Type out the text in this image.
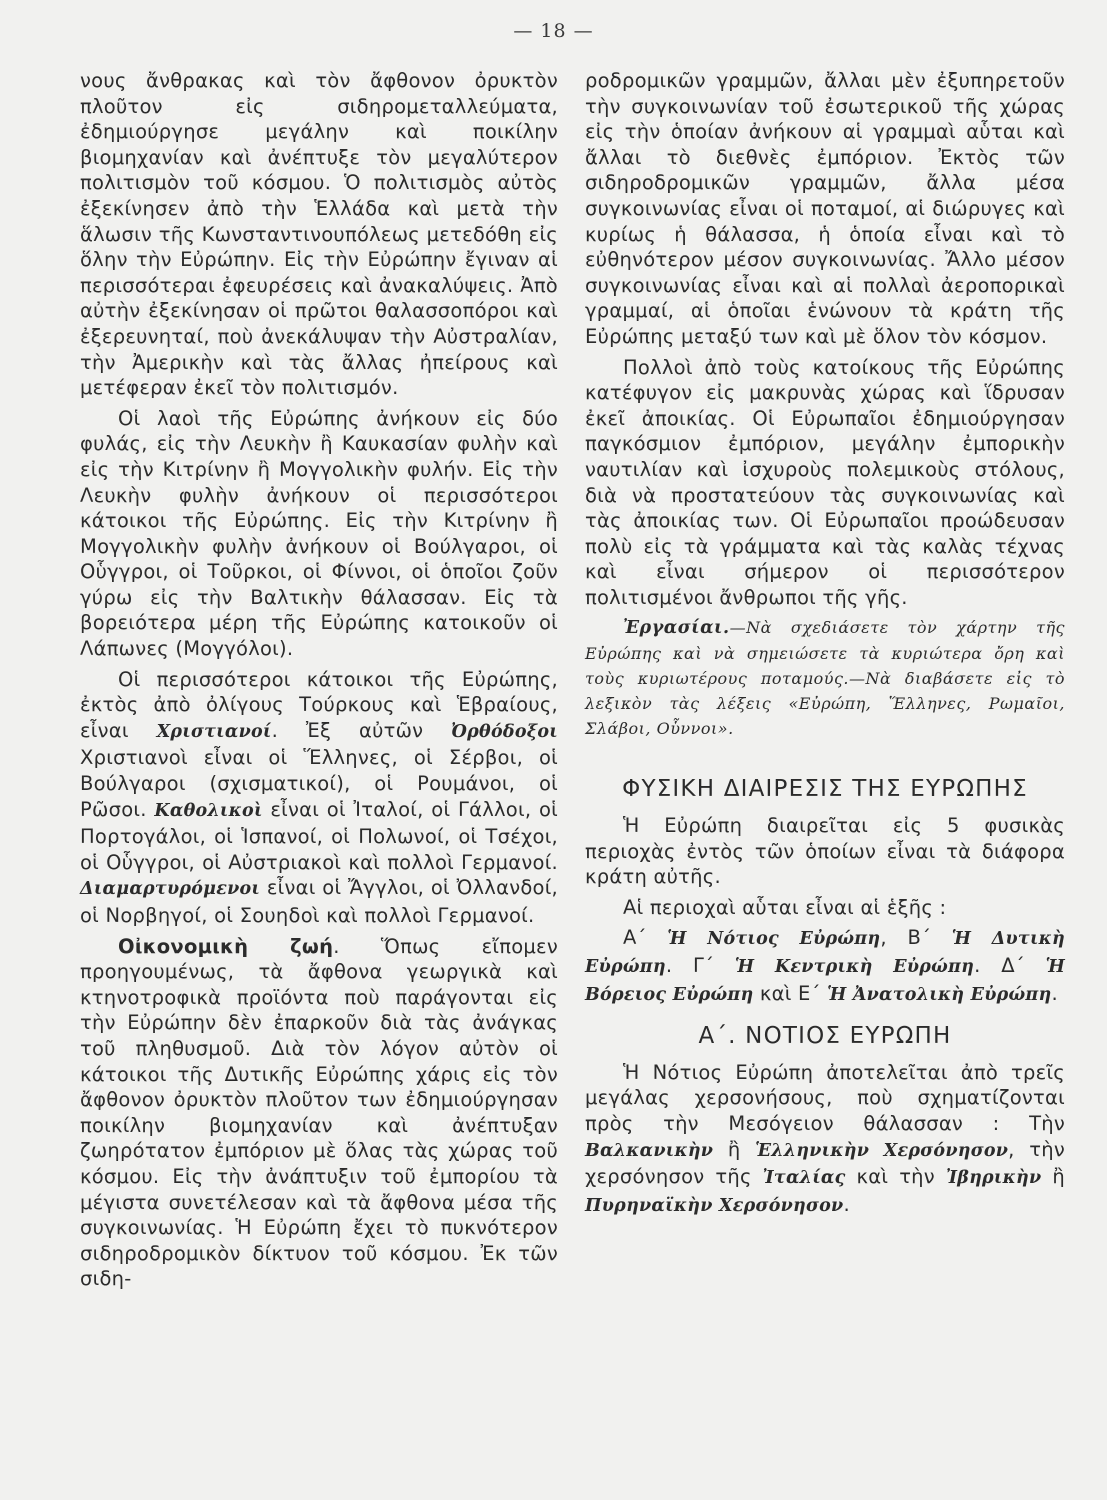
— 18 —

νους ἄνθρακας καὶ τὸν ἄφθονον ὀρυκτὸν πλοῦτον εἰς σιδηρομεταλλεύματα, ἐδημιούργησε μεγάλην καὶ ποικίλην βιομηχανίαν καὶ ἀνέπτυξε τὸν μεγαλύτερον πολιτισμὸν τοῦ κόσμου. Ὁ πολιτισμὸς αὐτὸς ἐξεκίνησεν ἀπὸ τὴν Ἑλλάδα καὶ μετὰ τὴν ἅλωσιν τῆς Κωνσταντινουπόλεως μετεδόθη εἰς ὅλην τὴν Εὐρώπην. Εἰς τὴν Εὐρώπην ἔγιναν αἱ περισσότεραι ἐφευρέσεις καὶ ἀνακαλύψεις. Ἀπὸ αὐτὴν ἐξεκίνησαν οἱ πρῶτοι θαλασσοπόροι καὶ ἐξερευνηταί, ποὺ ἀνεκάλυψαν τὴν Αὐστραλίαν, τὴν Ἀμερικὴν καὶ τὰς ἄλλας ἠπείρους καὶ μετέφεραν ἐκεῖ τὸν πολιτισμόν.

Οἱ λαοὶ τῆς Εὐρώπης ἀνήκουν εἰς δύο φυλάς, εἰς τὴν Λευκὴν ἢ Καυκασίαν φυλὴν καὶ εἰς τὴν Κιτρίνην ἢ Μογγολικὴν φυλήν. Εἰς τὴν Λευκὴν φυλὴν ἀνήκουν οἱ περισσότεροι κάτοικοι τῆς Εὐρώπης. Εἰς τὴν Κιτρίνην ἢ Μογγολικὴν φυλὴν ἀνήκουν οἱ Βούλγαροι, οἱ Οὗγγροι, οἱ Τοῦρκοι, οἱ Φίννοι, οἱ ὁποῖοι ζοῦν γύρω εἰς τὴν Βαλτικὴν θάλασσαν. Εἰς τὰ βορειότερα μέρη τῆς Εὐρώπης κατοικοῦν οἱ Λάπωνες (Μογγόλοι).

Οἱ περισσότεροι κάτοικοι τῆς Εὐρώπης, ἐκτὸς ἀπὸ ὀλίγους Τούρκους καὶ Ἑβραίους, εἶναι Χριστιανοί. Ἐξ αὐτῶν Ὀρθόδοξοι Χριστιανοὶ εἶναι οἱ Ἕλληνες, οἱ Σέρβοι, οἱ Βούλγαροι (σχισματικοί), οἱ Ρουμάνοι, οἱ Ρῶσοι. Καθολικοὶ εἶναι οἱ Ἰταλοί, οἱ Γάλλοι, οἱ Πορτογάλοι, οἱ Ἱσπανοί, οἱ Πολωνοί, οἱ Τσέχοι, οἱ Οὗγγροι, οἱ Αὐστριακοὶ καὶ πολλοὶ Γερμανοί. Διαμαρτυρόμενοι εἶναι οἱ Ἄγγλοι, οἱ Ὀλλανδοί, οἱ Νορβηγοί, οἱ Σουηδοὶ καὶ πολλοὶ Γερμανοί.

Οἰκονομικὴ ζωή. Ὅπως εἴπομεν προηγουμένως, τὰ ἄφθονα γεωργικὰ καὶ κτηνοτροφικὰ προϊόντα ποὺ παράγονται εἰς τὴν Εὐρώπην δὲν ἐπαρκοῦν διὰ τὰς ἀνάγκας τοῦ πληθυσμοῦ. Διὰ τὸν λόγον αὐτὸν οἱ κάτοικοι τῆς Δυτικῆς Εὐρώπης χάρις εἰς τὸν ἄφθονον ὀρυκτὸν πλοῦτον των ἐδημιούργησαν ποικίλην βιομηχανίαν καὶ ἀνέπτυξαν ζωηρότατον ἐμπόριον μὲ ὅλας τὰς χώρας τοῦ κόσμου. Εἰς τὴν ἀνάπτυξιν τοῦ ἐμπορίου τὰ μέγιστα συνετέλεσαν καὶ τὰ ἄφθονα μέσα τῆς συγκοινωνίας. Ἡ Εὐρώπη ἔχει τὸ πυκνότερον σιδηροδρομικὸν δίκτυον τοῦ κόσμου. Ἐκ τῶν σιδη-

ροδρομικῶν γραμμῶν, ἄλλαι μὲν ἐξυπηρετοῦν τὴν συγκοινωνίαν τοῦ ἐσωτερικοῦ τῆς χώρας εἰς τὴν ὁποίαν ἀνήκουν αἱ γραμμαὶ αὗται καὶ ἄλλαι τὸ διεθνὲς ἐμπόριον. Ἐκτὸς τῶν σιδηροδρομικῶν γραμμῶν, ἄλλα μέσα συγκοινωνίας εἶναι οἱ ποταμοί, αἱ διώρυγες καὶ κυρίως ἡ θάλασσα, ἡ ὁποία εἶναι καὶ τὸ εὐθηνότερον μέσον συγκοινωνίας. Ἄλλο μέσον συγκοινωνίας εἶναι καὶ αἱ πολλαὶ ἀεροπορικαὶ γραμμαί, αἱ ὁποῖαι ἑνώνουν τὰ κράτη τῆς Εὐρώπης μεταξύ των καὶ μὲ ὅλον τὸν κόσμον.

Πολλοὶ ἀπὸ τοὺς κατοίκους τῆς Εὐρώπης κατέφυγον εἰς μακρυνὰς χώρας καὶ ἵδρυσαν ἐκεῖ ἀποικίας. Οἱ Εὐρωπαῖοι ἐδημιούργησαν παγκόσμιον ἐμπόριον, μεγάλην ἐμπορικὴν ναυτιλίαν καὶ ἰσχυροὺς πολεμικοὺς στόλους, διὰ νὰ προστατεύουν τὰς συγκοινωνίας καὶ τὰς ἀποικίας των. Οἱ Εὐρωπαῖοι προώδευσαν πολὺ εἰς τὰ γράμματα καὶ τὰς καλὰς τέχνας καὶ εἶναι σήμερον οἱ περισσότερον πολιτισμένοι ἄνθρωποι τῆς γῆς.

Ἐργασίαι.—Νὰ σχεδιάσετε τὸν χάρτην τῆς Εὐρώπης καὶ νὰ σημειώσετε τὰ κυριώτερα ὄρη καὶ τοὺς κυριωτέρους ποταμούς.—Νὰ διαβάσετε εἰς τὸ λεξικὸν τὰς λέξεις «Εὐρώπη, Ἕλληνες, Ρωμαῖοι, Σλάβοι, Οὗννοι».

ΦΥΣΙΚΗ ΔΙΑΙΡΕΣΙΣ ΤΗΣ ΕΥΡΩΠΗΣ

Ἡ Εὐρώπη διαιρεῖται εἰς 5 φυσικὰς περιοχὰς ἐντὸς τῶν ὁποίων εἶναι τὰ διάφορα κράτη αὐτῆς.

Αἱ περιοχαὶ αὗται εἶναι αἱ ἑξῆς :

Α΄ Ἡ Νότιος Εὐρώπη, Β΄ Ἡ Δυτικὴ Εὐρώπη. Γ΄ Ἡ Κεντρικὴ Εὐρώπη. Δ΄ Ἡ Βόρειος Εὐρώπη καὶ Ε΄ Ἡ Ἀνατολικὴ Εὐρώπη.

Α΄. ΝΟΤΙΟΣ ΕΥΡΩΠΗ

Ἡ Νότιος Εὐρώπη ἀποτελεῖται ἀπὸ τρεῖς μεγάλας χερσονήσους, ποὺ σχηματίζονται πρὸς τὴν Μεσόγειον θάλασσαν : Τὴν Βαλκανικὴν ἢ Ἑλληνικὴν Χερσόνησον, τὴν χερσόνησον τῆς Ἰταλίας καὶ τὴν Ἰβηρικὴν ἢ Πυρηναϊκὴν Χερσόνησον.
